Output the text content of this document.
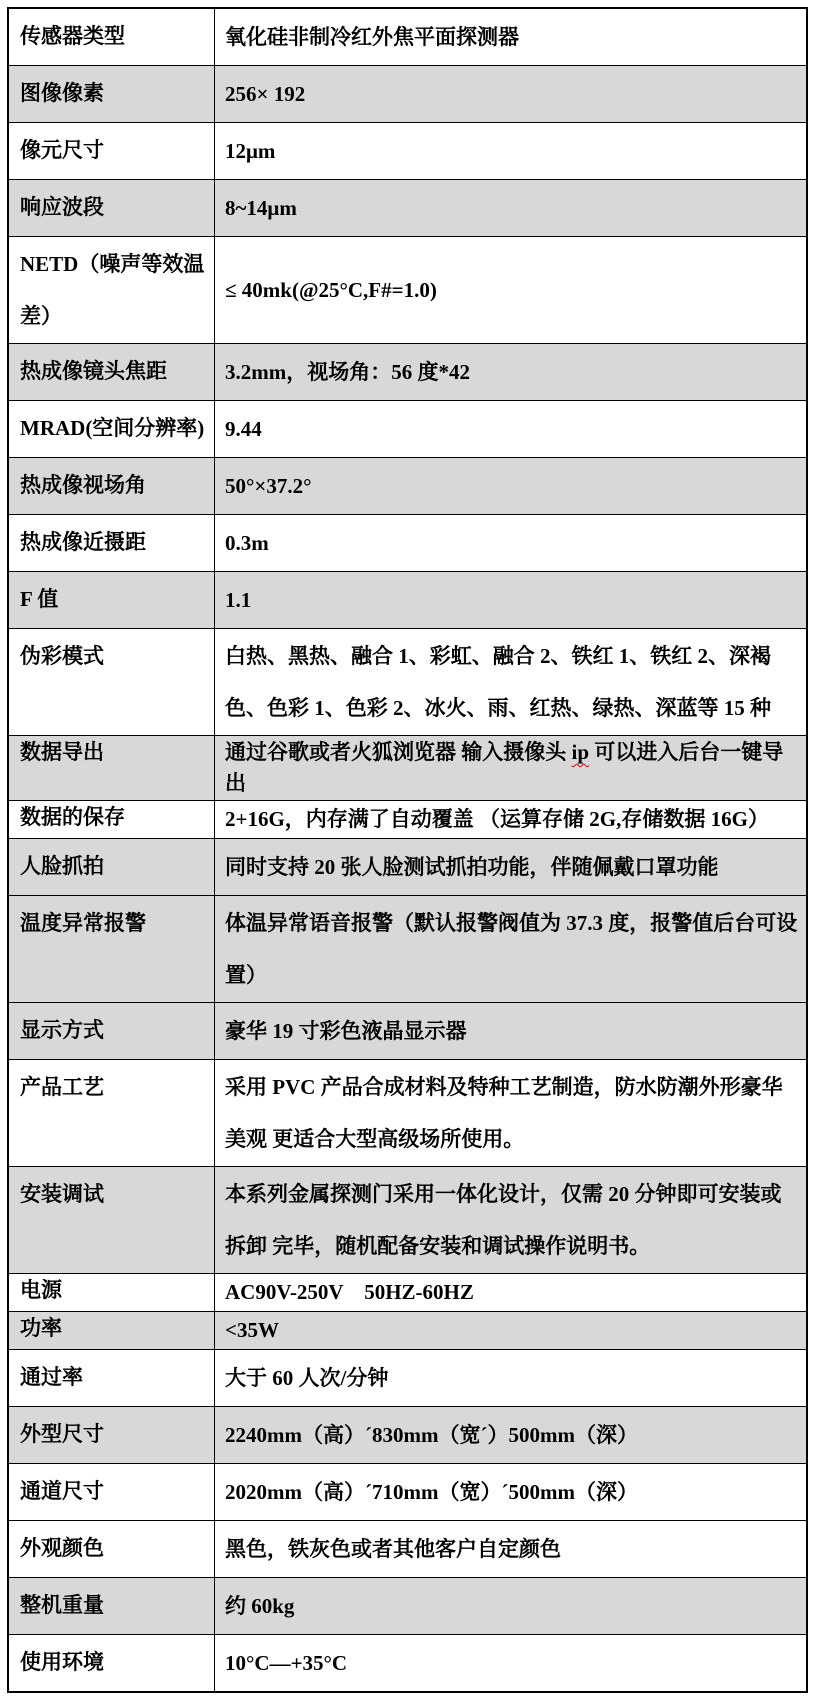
传感器类型	氧化硅非制冷红外焦平面探测器
图像像素	256× 192
像元尺寸	12μm
响应波段	8~14μm
NETD（噪声等效温差）	≤ 40mk(@25°C,F#=1.0)
热成像镜头焦距	3.2mm，视场角：56 度*42
MRAD(空间分辨率)	9.44
热成像视场角	50°×37.2°
热成像近摄距	0.3m
F 值	1.1
伪彩模式	白热、黑热、融合 1、彩虹、融合 2、铁红 1、铁红 2、深褐色、色彩 1、色彩 2、冰火、雨、红热、绿热、深蓝等 15 种
数据导出	通过谷歌或者火狐浏览器 输入摄像头 ip 可以进入后台一键导出
数据的保存	2+16G，内存满了自动覆盖 （运算存储 2G,存储数据 16G）
人脸抓拍	同时支持 20 张人脸测试抓拍功能，伴随佩戴口罩功能
温度异常报警	体温异常语音报警（默认报警阀值为 37.3 度，报警值后台可设置）
显示方式	豪华 19 寸彩色液晶显示器
产品工艺	采用 PVC 产品合成材料及特种工艺制造，防水防潮外形豪华美观 更适合大型高级场所使用。
安装调试	本系列金属探测门采用一体化设计，仅需 20 分钟即可安装或拆卸 完毕，随机配备安装和调试操作说明书。
电源	AC90V-250V    50HZ-60HZ
功率	<35W
通过率	大于 60 人次/分钟
外型尺寸	2240mm（高）´830mm（宽´）500mm（深）
通道尺寸	2020mm（高）´710mm（宽）´500mm（深）
外观颜色	黑色，铁灰色或者其他客户自定颜色
整机重量	约 60kg
使用环境	10°C—+35°C
